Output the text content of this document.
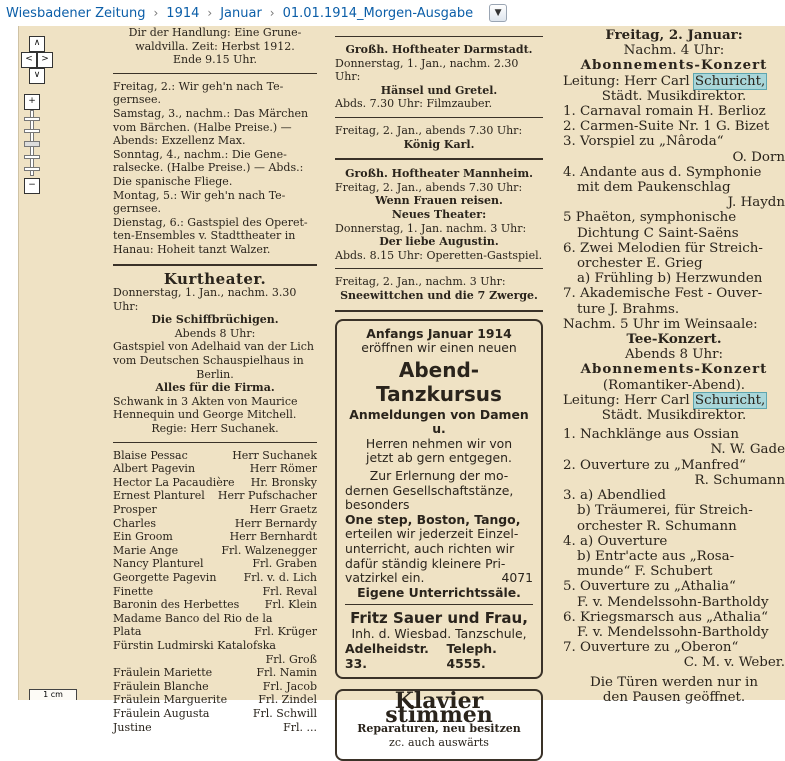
Wiesbadener Zeitung › 1914 › Januar › 01.01.1914_Morgen-Ausgabe	▼

Dir der Handlung: Eine Grune-

waldvilla. Zeit: Herbst 1912.

Ende 9.15 Uhr.

Freitag, 2.: Wir geh'n nach Te-

gernsee.

Samstag, 3., nachm.: Das Märchen

vom Bärchen. (Halbe Preise.) —

Abends: Exzellenz Max.

Sonntag, 4., nachm.: Die Gene-

ralsecke. (Halbe Preise.) — Abds.:

Die spanische Fliege.

Montag, 5.: Wir geh'n nach Te-

gernsee.

Dienstag, 6.: Gastspiel des Operet-

ten-Ensembles v. Stadttheater in

Hanau: Hoheit tanzt Walzer.

Kurtheater.

Donnerstag, 1. Jan., nachm. 3.30 Uhr:

Die Schiffbrüchigen.

Abends 8 Uhr:

Gastspiel von Adelhaid van der Lich

vom Deutschen Schauspielhaus in

Berlin.

Alles für die Firma.

Schwank in 3 Akten von Maurice

Hennequin und George Mitchell.

Regie: Herr Suchanek.

Blaise Pessac	Herr Suchanek
Albert Pagevin	Herr Römer
Hector La Pacaudière Hr. Bronsky
Ernest Planturel Herr Pufschacher
Prosper	Herr Graetz
Charles	Herr Bernardy
Ein Groom	Herr Bernhardt
Marie Ange	Frl. Walzenegger
Nancy Planturel	Frl. Graben
Georgette Pagevin Frl. v. d. Lich
Finette	Frl. Reval
Baronin des Herbettes Frl. Klein
Madame Banco del Rio de la
Plata	Frl. Krüger
Fürstin Ludmirski Katalofska
Frl. Groß
Fräulein Mariette	Frl. Namin
Fräulein Blanche	Frl. Jacob
Fräulein Marguerite	Frl. Zindel
Fräulein Augusta	Frl. Schwill
Justine	Frl. ...

Großh. Hoftheater Darmstadt.

Donnerstag, 1. Jan., nachm. 2.30 Uhr:

Hänsel und Gretel.

Abds. 7.30 Uhr: Filmzauber.

Freitag, 2. Jan., abends 7.30 Uhr:

König Karl.

Großh. Hoftheater Mannheim.

Freitag, 2. Jan., abends 7.30 Uhr:

Wenn Frauen reisen.

Neues Theater:

Donnerstag, 1. Jan. nachm. 3 Uhr:

Der liebe Augustin.

Abds. 8.15 Uhr: Operetten-Gastspiel.

Freitag, 2. Jan., nachm. 3 Uhr:

Sneewittchen und die 7 Zwerge.

Anfangs Januar 1914

eröffnen wir einen neuen

Abend-Tanzkursus

Anmeldungen von Damen u.

Herren nehmen wir von

jetzt ab gern entgegen.

Zur Erlernung der mo-

dernen Gesellschaftstänze,

besonders

One step, Boston, Tango,

erteilen wir jederzeit Einzel-

unterricht, auch richten wir

dafür ständig kleinere Pri-

vatzirkel ein.	4071

Eigene Unterrichtssäle.

Fritz Sauer und Frau,

Inh. d. Wiesbad. Tanzschule,

Adelheidstr. 33.
Teleph. 4555.

Klavier stimmen

Reparaturen, neu besitzen

zc. auch auswärts

Freitag, 2. Januar:

Nachm. 4 Uhr:

Abonnements-Konzert

Leitung: Herr Carl Schuricht,

Städt. Musikdirektor.

1. Carnaval romain H. Berlioz

2. Carmen-Suite Nr. 1 G. Bizet

3. Vorspiel zu „Nâroda“

O. Dorn

4. Andante aus d. Symphonie

mit dem Paukenschlag

J. Haydn

5 Phaëton, symphonische

Dichtung C Saint-Saëns

6. Zwei Melodien für Streich-

orchester E. Grieg

a) Frühling b) Herzwunden

7. Akademische Fest - Ouver-

ture J. Brahms.

Nachm. 5 Uhr im Weinsaale:

Tee-Konzert.

Abends 8 Uhr:

Abonnements-Konzert

(Romantiker-Abend).

Leitung: Herr Carl Schuricht,

Städt. Musikdirektor.

1. Nachklänge aus Ossian

N. W. Gade

2. Ouverture zu „Manfred“

R. Schumann

3. a) Abendlied

b) Träumerei, für Streich-

orchester R. Schumann

4. a) Ouverture

b) Entr'acte aus „Rosa-

munde“ F. Schubert

5. Ouverture zu „Athalia“

F. v. Mendelssohn-Bartholdy

6. Kriegsmarsch aus „Athalia“

F. v. Mendelssohn-Bartholdy

7. Ouverture zu „Oberon“

C. M. v. Weber.

Die Türen werden nur in

den Pausen geöffnet.

∧
< >
∨
+
−
1 cm
